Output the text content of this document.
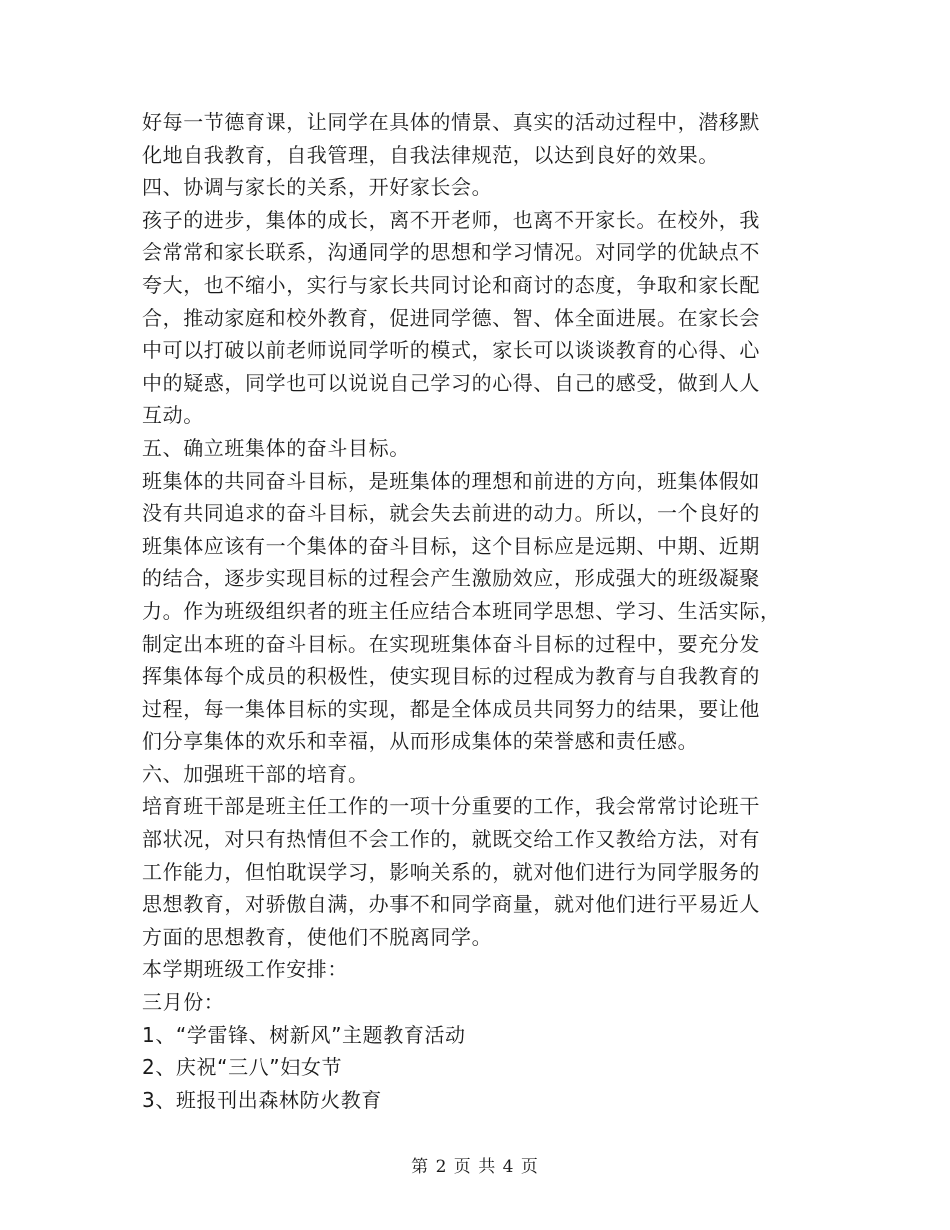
好每一节德育课，让同学在具体的情景、真实的活动过程中，潜移默
化地自我教育，自我管理，自我法律规范，以达到良好的效果。
四、协调与家长的关系，开好家长会。
孩子的进步，集体的成长，离不开老师，也离不开家长。在校外，我
会常常和家长联系，沟通同学的思想和学习情况。对同学的优缺点不
夸大，也不缩小，实行与家长共同讨论和商讨的态度，争取和家长配
合，推动家庭和校外教育，促进同学德、智、体全面进展。在家长会
中可以打破以前老师说同学听的模式，家长可以谈谈教育的心得、心
中的疑惑，同学也可以说说自己学习的心得、自己的感受，做到人人
互动。
五、确立班集体的奋斗目标。
班集体的共同奋斗目标，是班集体的理想和前进的方向，班集体假如
没有共同追求的奋斗目标，就会失去前进的动力。所以，一个良好的
班集体应该有一个集体的奋斗目标，这个目标应是远期、中期、近期
的结合，逐步实现目标的过程会产生激励效应，形成强大的班级凝聚
力。作为班级组织者的班主任应结合本班同学思想、学习、生活实际，
制定出本班的奋斗目标。在实现班集体奋斗目标的过程中，要充分发
挥集体每个成员的积极性，使实现目标的过程成为教育与自我教育的
过程，每一集体目标的实现，都是全体成员共同努力的结果，要让他
们分享集体的欢乐和幸福，从而形成集体的荣誉感和责任感。
六、加强班干部的培育。
培育班干部是班主任工作的一项十分重要的工作，我会常常讨论班干
部状况，对只有热情但不会工作的，就既交给工作又教给方法，对有
工作能力，但怕耽误学习，影响关系的，就对他们进行为同学服务的
思想教育，对骄傲自满，办事不和同学商量，就对他们进行平易近人
方面的思想教育，使他们不脱离同学。
本学期班级工作安排：
三月份：
1、“学雷锋、树新风”主题教育活动
2、庆祝“三八”妇女节
3、班报刊出森林防火教育
第 2 页 共 4 页
